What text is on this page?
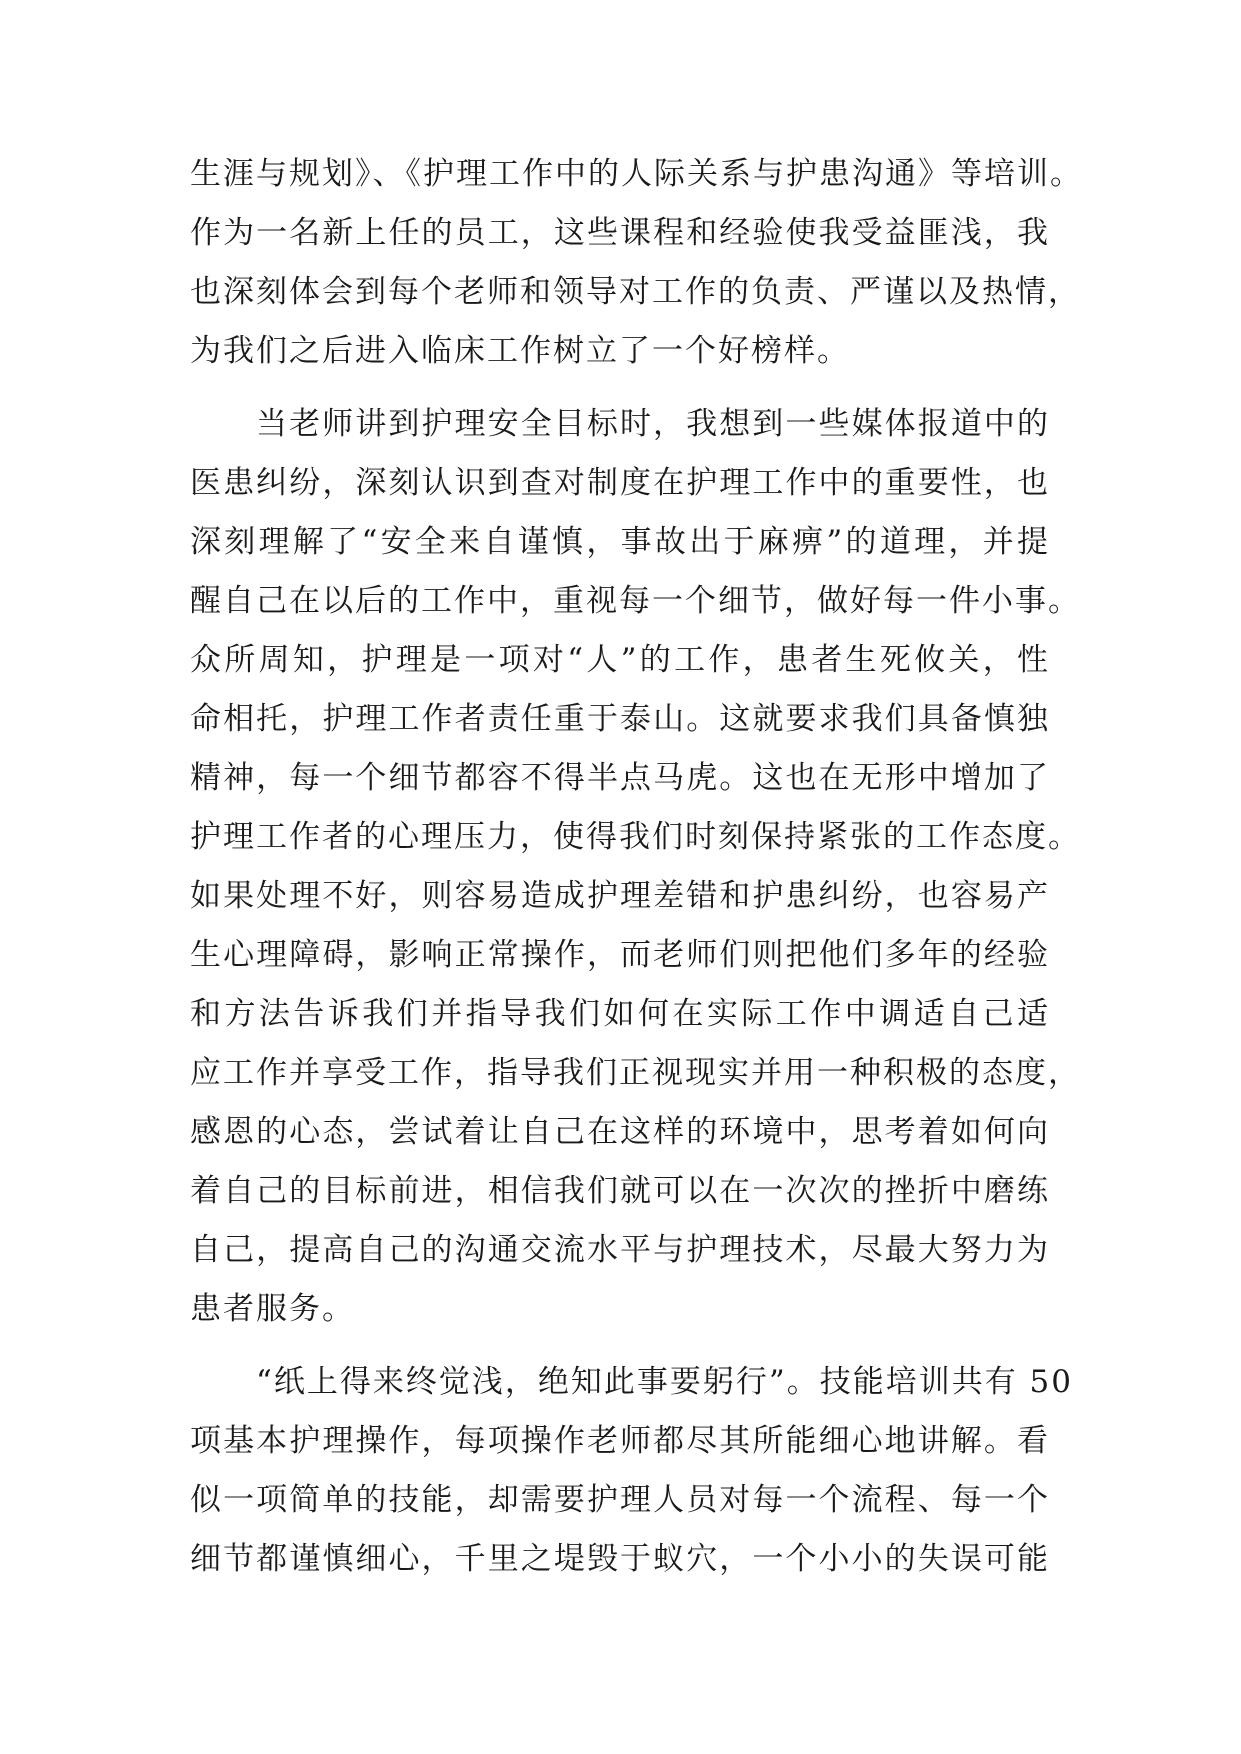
生涯与规划》、《护理工作中的人际关系与护患沟通》等培训。
作为一名新上任的员工，这些课程和经验使我受益匪浅，我
也深刻体会到每个老师和领导对工作的负责、严谨以及热情，
为我们之后进入临床工作树立了一个好榜样。
当老师讲到护理安全目标时，我想到一些媒体报道中的
医患纠纷，深刻认识到查对制度在护理工作中的重要性，也
深刻理解了“安全来自谨慎，事故出于麻痹”的道理，并提
醒自己在以后的工作中，重视每一个细节，做好每一件小事。
众所周知，护理是一项对“人”的工作，患者生死攸关，性
命相托，护理工作者责任重于泰山。这就要求我们具备慎独
精神，每一个细节都容不得半点马虎。这也在无形中增加了
护理工作者的心理压力，使得我们时刻保持紧张的工作态度。
如果处理不好，则容易造成护理差错和护患纠纷，也容易产
生心理障碍，影响正常操作，而老师们则把他们多年的经验
和方法告诉我们并指导我们如何在实际工作中调适自己适
应工作并享受工作，指导我们正视现实并用一种积极的态度，
感恩的心态，尝试着让自己在这样的环境中，思考着如何向
着自己的目标前进，相信我们就可以在一次次的挫折中磨练
自己，提高自己的沟通交流水平与护理技术，尽最大努力为
患者服务。
“纸上得来终觉浅，绝知此事要躬行”。技能培训共有 50
项基本护理操作，每项操作老师都尽其所能细心地讲解。看
似一项简单的技能，却需要护理人员对每一个流程、每一个
细节都谨慎细心，千里之堤毁于蚁穴，一个小小的失误可能
